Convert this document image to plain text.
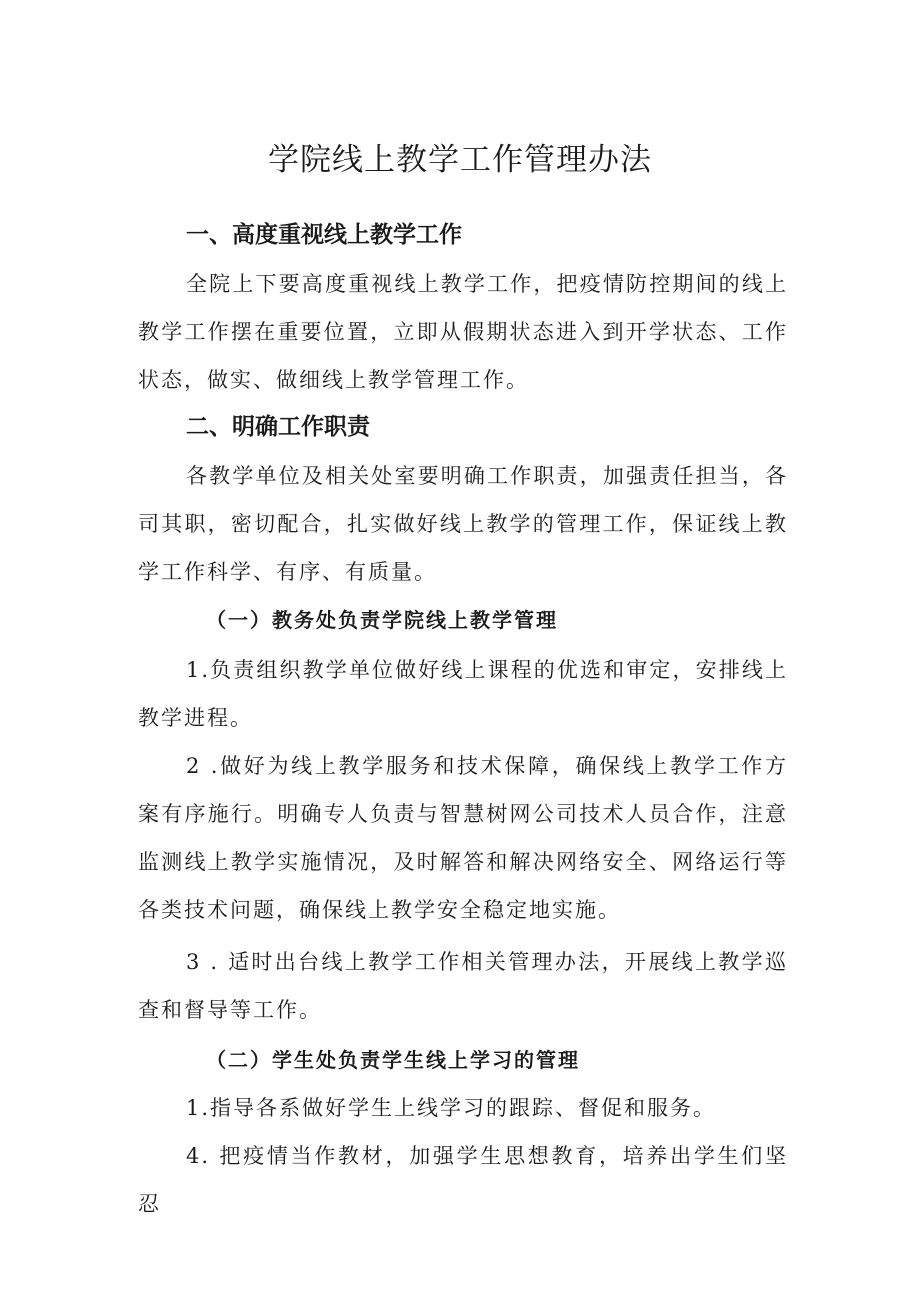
学院线上教学工作管理办法
一、高度重视线上教学工作

全院上下要高度重视线上教学工作，把疫情防控期间的线上教学工作摆在重要位置，立即从假期状态进入到开学状态、工作状态，做实、做细线上教学管理工作。

二、明确工作职责

各教学单位及相关处室要明确工作职责，加强责任担当，各司其职，密切配合，扎实做好线上教学的管理工作，保证线上教学工作科学、有序、有质量。

（一）教务处负责学院线上教学管理

1.负责组织教学单位做好线上课程的优选和审定，安排线上教学进程。

2 .做好为线上教学服务和技术保障，确保线上教学工作方案有序施行。明确专人负责与智慧树网公司技术人员合作，注意监测线上教学实施情况，及时解答和解决网络安全、网络运行等各类技术问题，确保线上教学安全稳定地实施。

3 . 适时出台线上教学工作相关管理办法，开展线上教学巡查和督导等工作。

（二）学生处负责学生线上学习的管理

1.指导各系做好学生上线学习的跟踪、督促和服务。

4. 把疫情当作教材，加强学生思想教育，培养出学生们坚忍
